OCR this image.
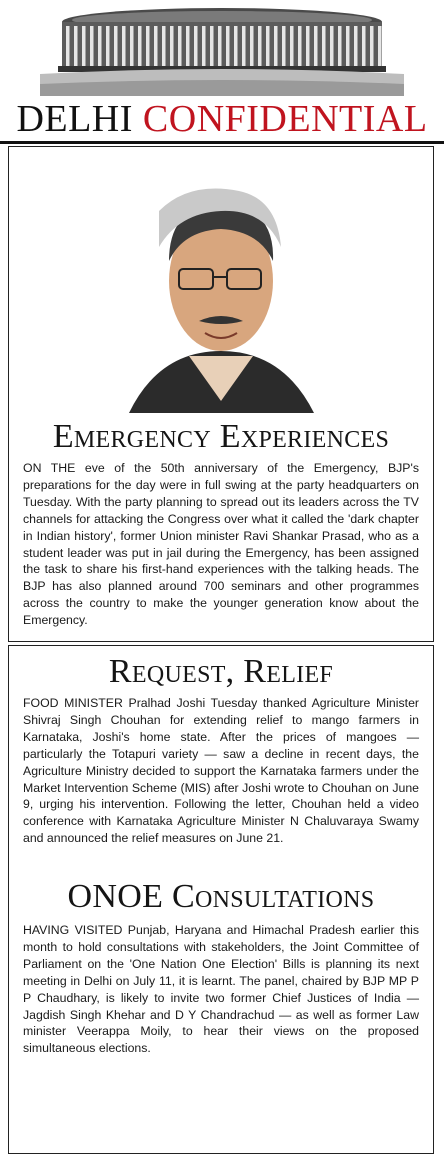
DELHI CONFIDENTIAL
Emergency Experiences
ON THE eve of the 50th anniversary of the Emergency, BJP's preparations for the day were in full swing at the party headquarters on Tuesday. With the party planning to spread out its leaders across the TV channels for attacking the Congress over what it called the 'dark chapter in Indian history', former Union minister Ravi Shankar Prasad, who as a student leader was put in jail during the Emergency, has been assigned the task to share his first-hand experiences with the talking heads. The BJP has also planned around 700 seminars and other programmes across the country to make the younger generation know about the Emergency.
Request, Relief
FOOD MINISTER Pralhad Joshi Tuesday thanked Agriculture Minister Shivraj Singh Chouhan for extending relief to mango farmers in Karnataka, Joshi's home state. After the prices of mangoes — particularly the Totapuri variety — saw a decline in recent days, the Agriculture Ministry decided to support the Karnataka farmers under the Market Intervention Scheme (MIS) after Joshi wrote to Chouhan on June 9, urging his intervention. Following the letter, Chouhan held a video conference with Karnataka Agriculture Minister N Chaluvaraya Swamy and announced the relief measures on June 21.
ONOE Consultations
HAVING VISITED Punjab, Haryana and Himachal Pradesh earlier this month to hold consultations with stakeholders, the Joint Committee of Parliament on the 'One Nation One Election' Bills is planning its next meeting in Delhi on July 11, it is learnt. The panel, chaired by BJP MP P P Chaudhary, is likely to invite two former Chief Justices of India — Jagdish Singh Khehar and D Y Chandrachud — as well as former Law minister Veerappa Moily, to hear their views on the proposed simultaneous elections.
